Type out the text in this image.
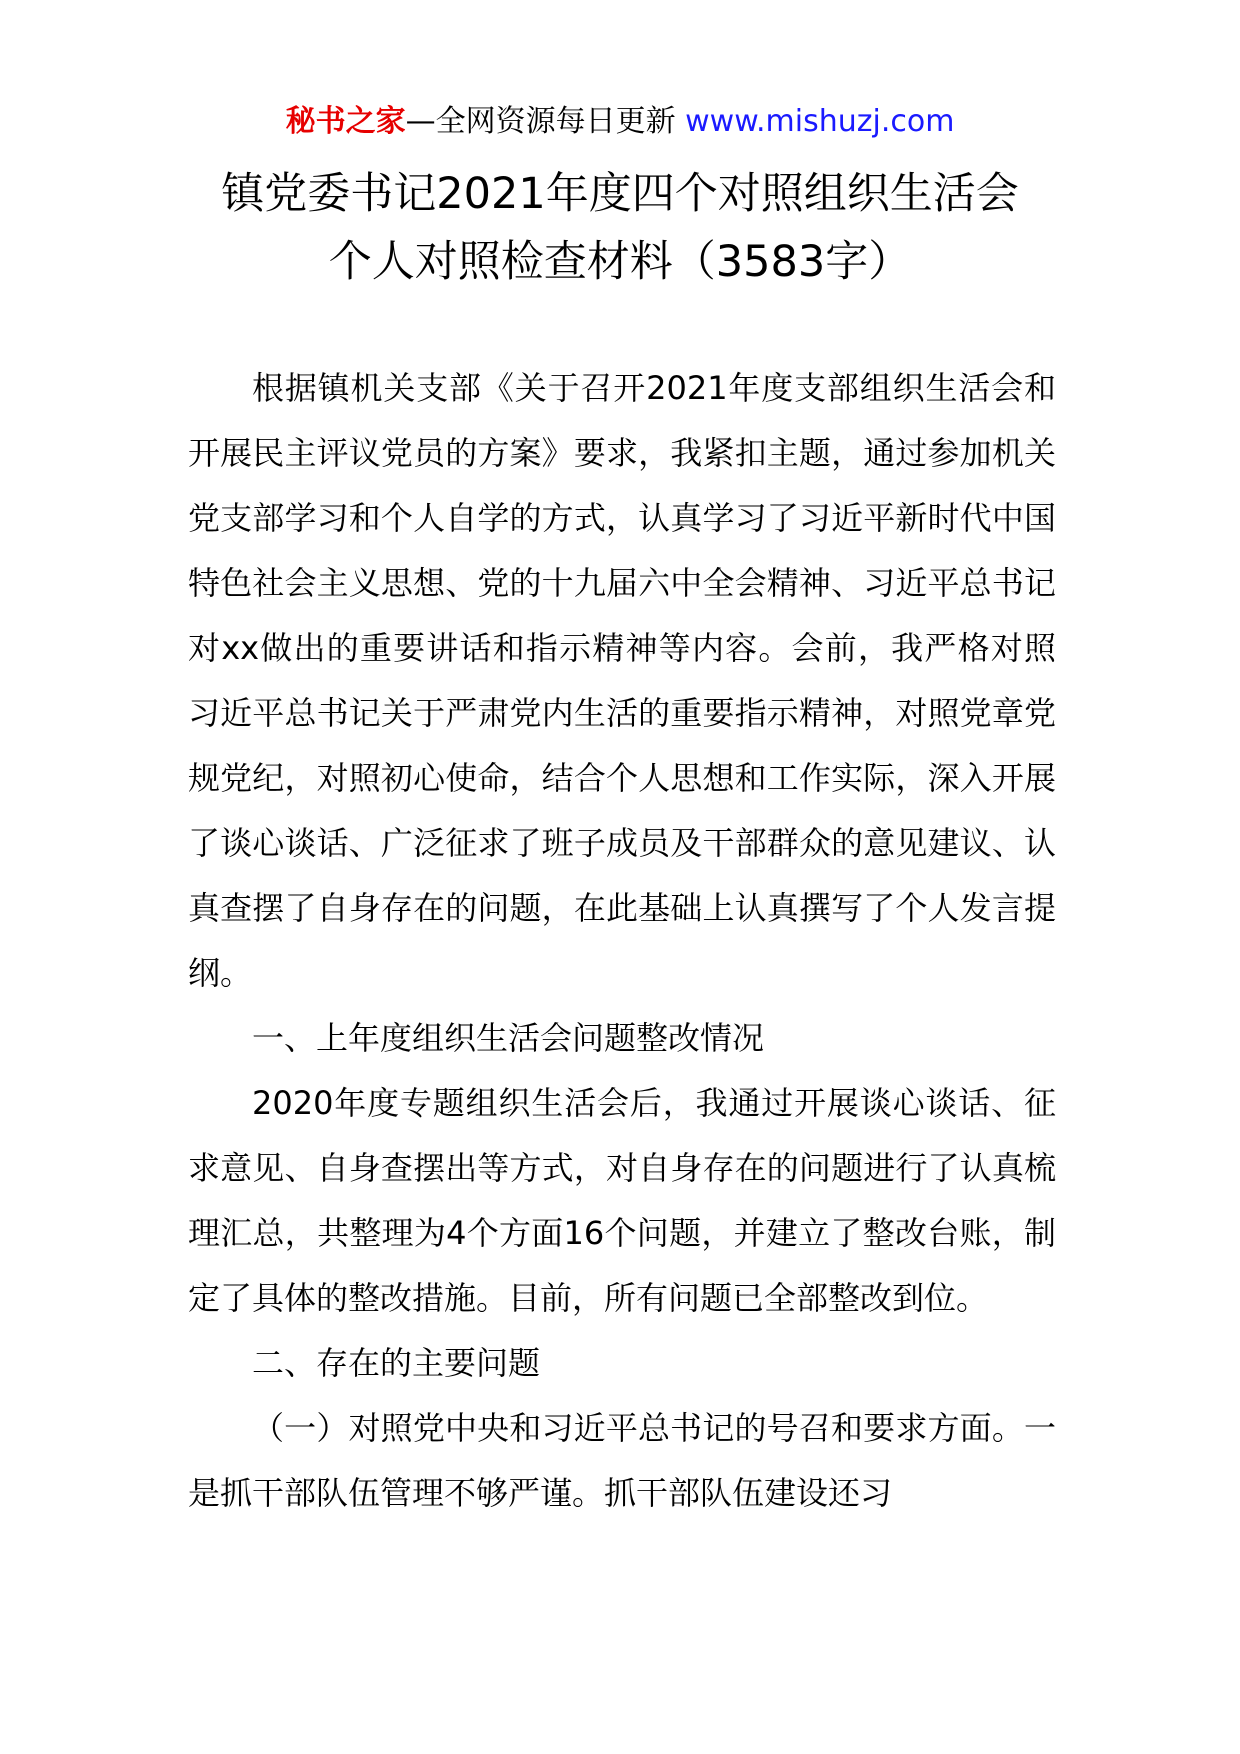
秘书之家—全网资源每日更新 www.mishuzj.com
镇党委书记2021年度四个对照组织生活会
个人对照检查材料（3583字）

根据镇机关支部《关于召开2021年度支部组织生活会和开展民主评议党员的方案》要求，我紧扣主题，通过参加机关党支部学习和个人自学的方式，认真学习了习近平新时代中国特色社会主义思想、党的十九届六中全会精神、习近平总书记对xx做出的重要讲话和指示精神等内容。会前，我严格对照习近平总书记关于严肃党内生活的重要指示精神，对照党章党规党纪，对照初心使命，结合个人思想和工作实际，深入开展了谈心谈话、广泛征求了班子成员及干部群众的意见建议、认真查摆了自身存在的问题，在此基础上认真撰写了个人发言提纲。

一、上年度组织生活会问题整改情况

2020年度专题组织生活会后，我通过开展谈心谈话、征求意见、自身查摆出等方式，对自身存在的问题进行了认真梳理汇总，共整理为4个方面16个问题，并建立了整改台账，制定了具体的整改措施。目前，所有问题已全部整改到位。

二、存在的主要问题

（一）对照党中央和习近平总书记的号召和要求方面。一是抓干部队伍管理不够严谨。抓干部队伍建设还习
